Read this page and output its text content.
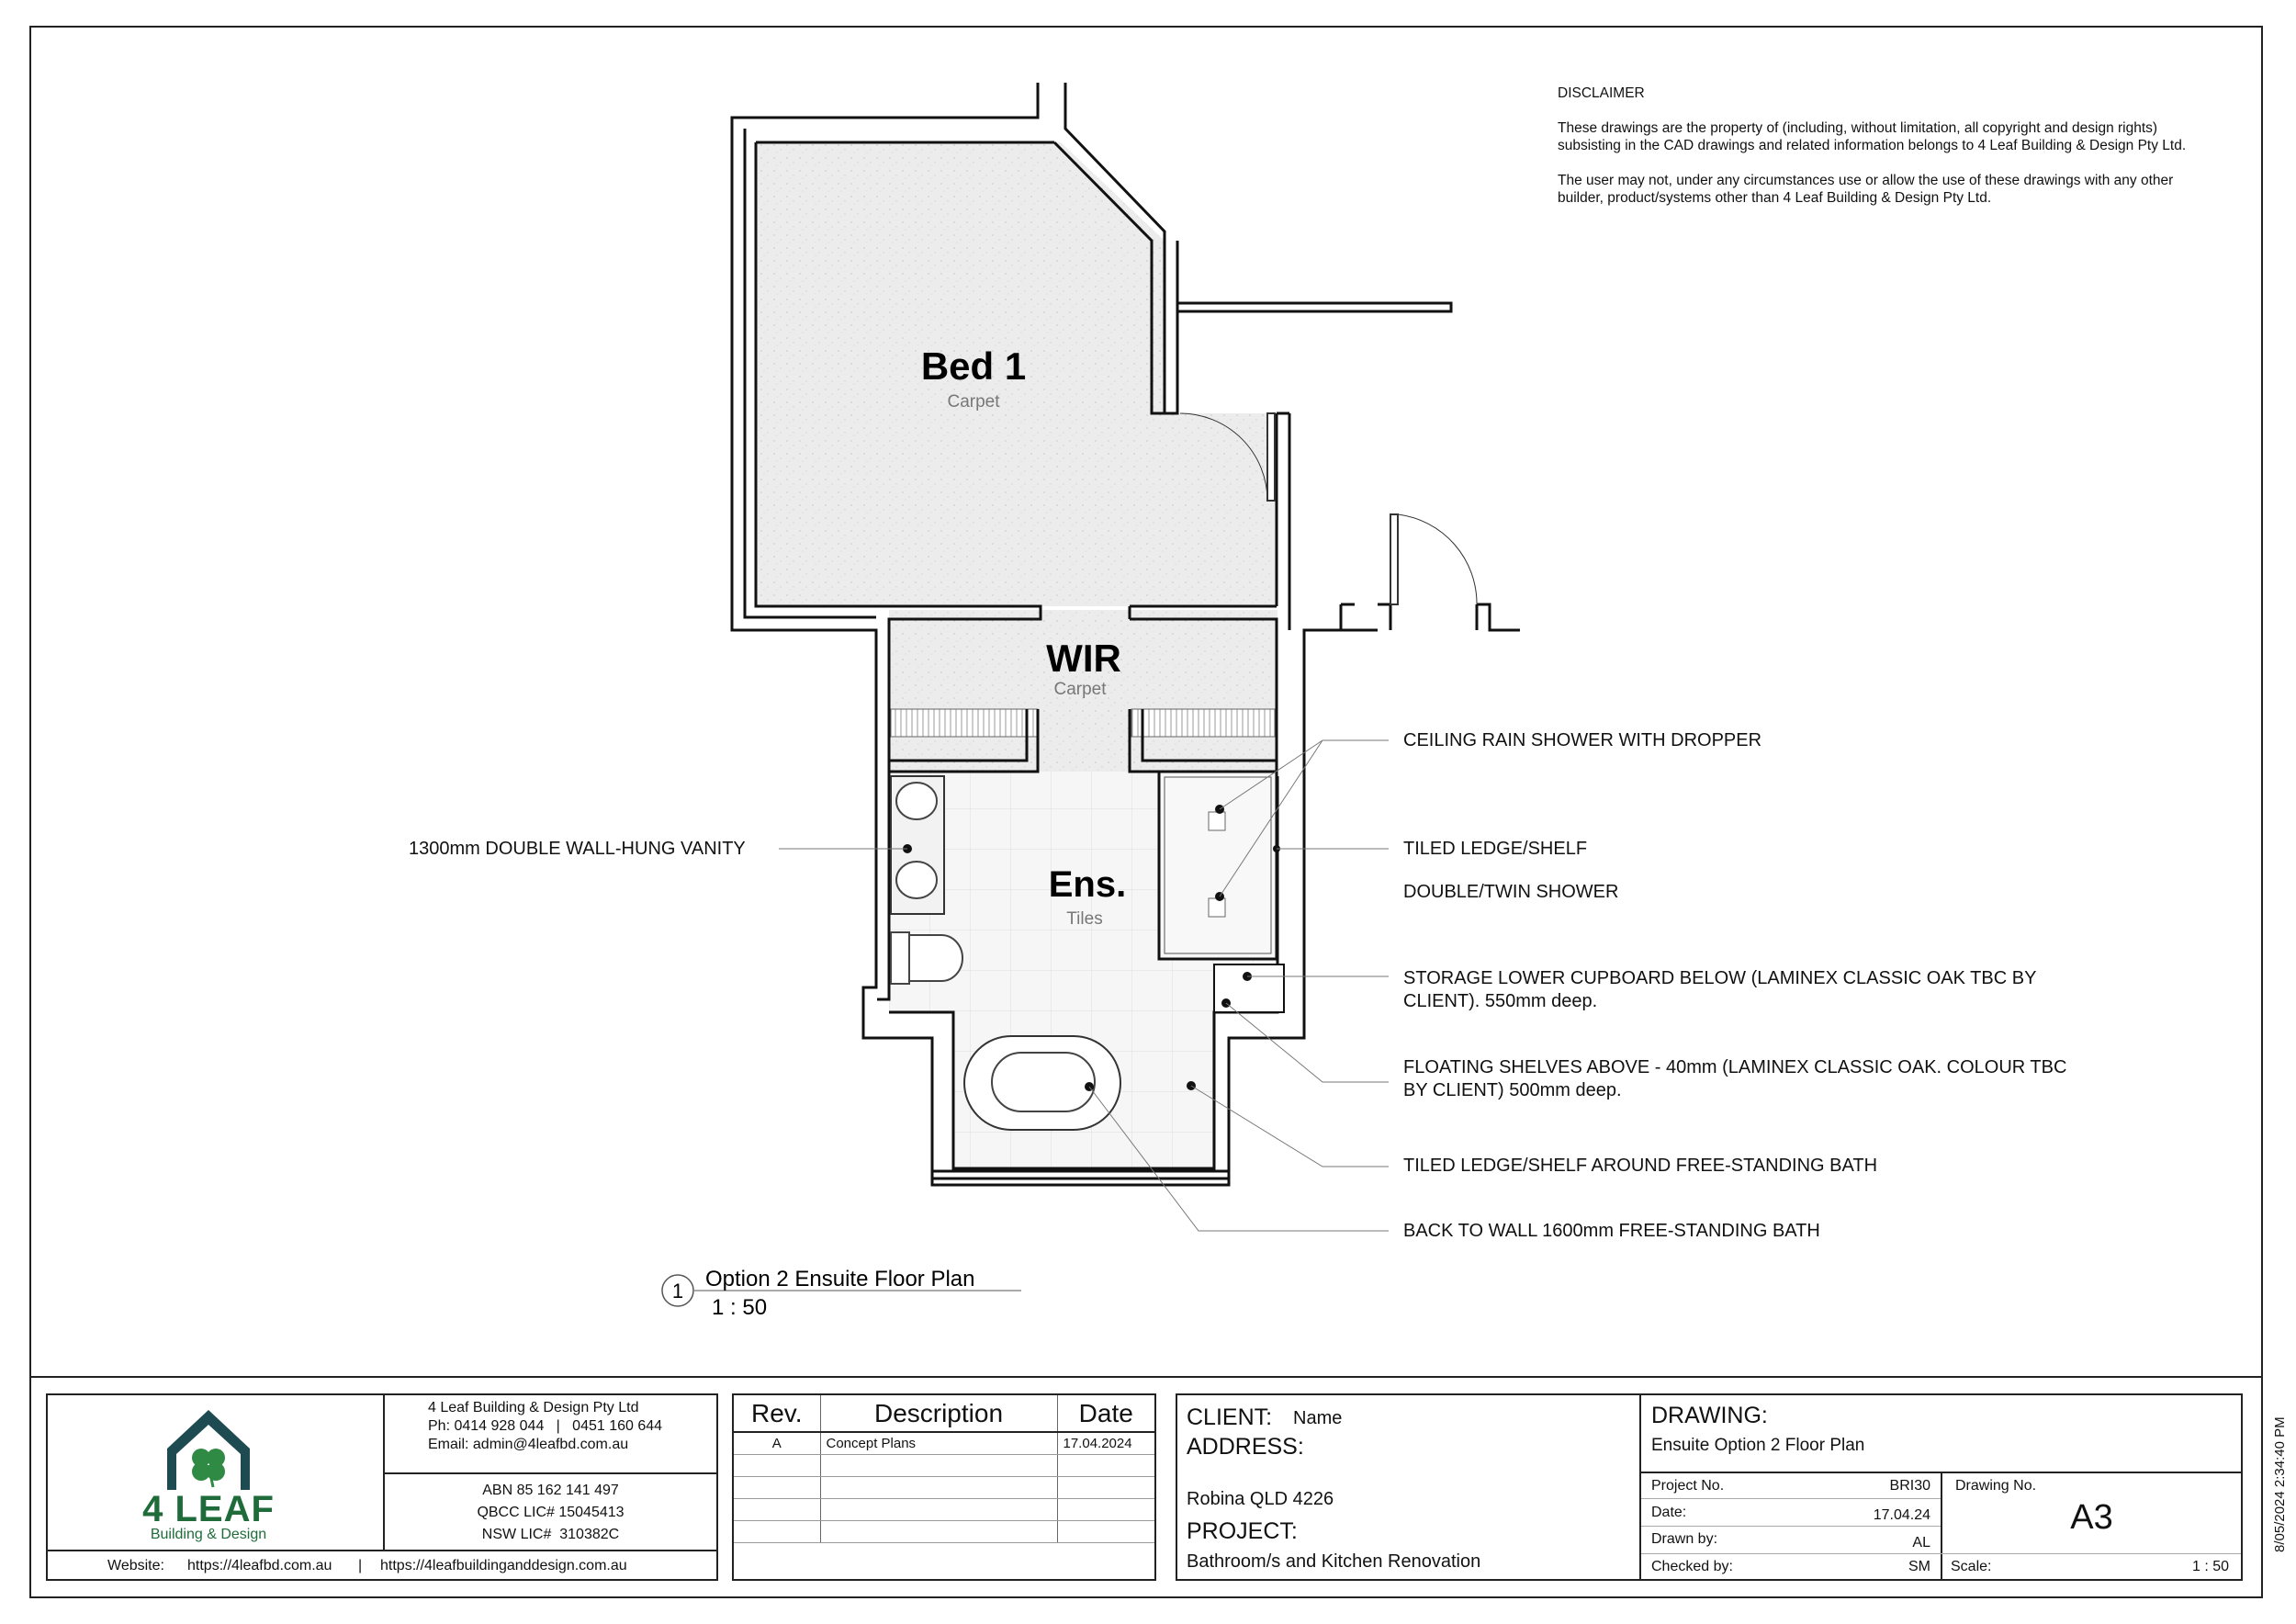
DISCLAIMER

These drawings are the property of (including, without limitation, all copyright and design rights) subsisting in the CAD drawings and related information belongs to 4 Leaf Building & Design Pty Ltd.

The user may not, under any circumstances use or allow the use of these drawings with any other builder, product/systems other than 4 Leaf Building & Design Pty Ltd.

Bed 1
Carpet
WIR
Carpet
Ens.
Tiles
1 Option 2 Ensuite Floor Plan
1 : 50
1300mm DOUBLE WALL-HUNG VANITY
CEILING RAIN SHOWER WITH DROPPER
TILED LEDGE/SHELF
DOUBLE/TWIN SHOWER
STORAGE LOWER CUPBOARD BELOW (LAMINEX CLASSIC OAK TBC BY
CLIENT). 550mm deep.
FLOATING SHELVES ABOVE - 40mm (LAMINEX CLASSIC OAK. COLOUR TBC
BY CLIENT) 500mm deep.
TILED LEDGE/SHELF AROUND FREE-STANDING BATH
BACK TO WALL 1600mm FREE-STANDING BATH
4 LEAF
Building & Design
4 Leaf Building & Design Pty Ltd
Ph: 0414 928 044   |   0451 160 644
Email: admin@4leafbd.com.au
ABN 85 162 141 497
QBCC LIC# 15045413
NSW LIC#  310382C
Website: https://4leafbd.com.au | https://4leafbuildinganddesign.com.au
Rev.	Description	Date
A	Concept Plans	17.04.2024

CLIENT: Name
ADDRESS:
Robina QLD 4226
PROJECT:
Bathroom/s and Kitchen Renovation
DRAWING:
Ensuite Option 2 Floor Plan
Project No.	BRI30
Date:	17.04.24
Drawn by:	AL
Checked by:	SM
Drawing No.
A3
Scale:	1 : 50
8/05/2024 2:34:40 PM
